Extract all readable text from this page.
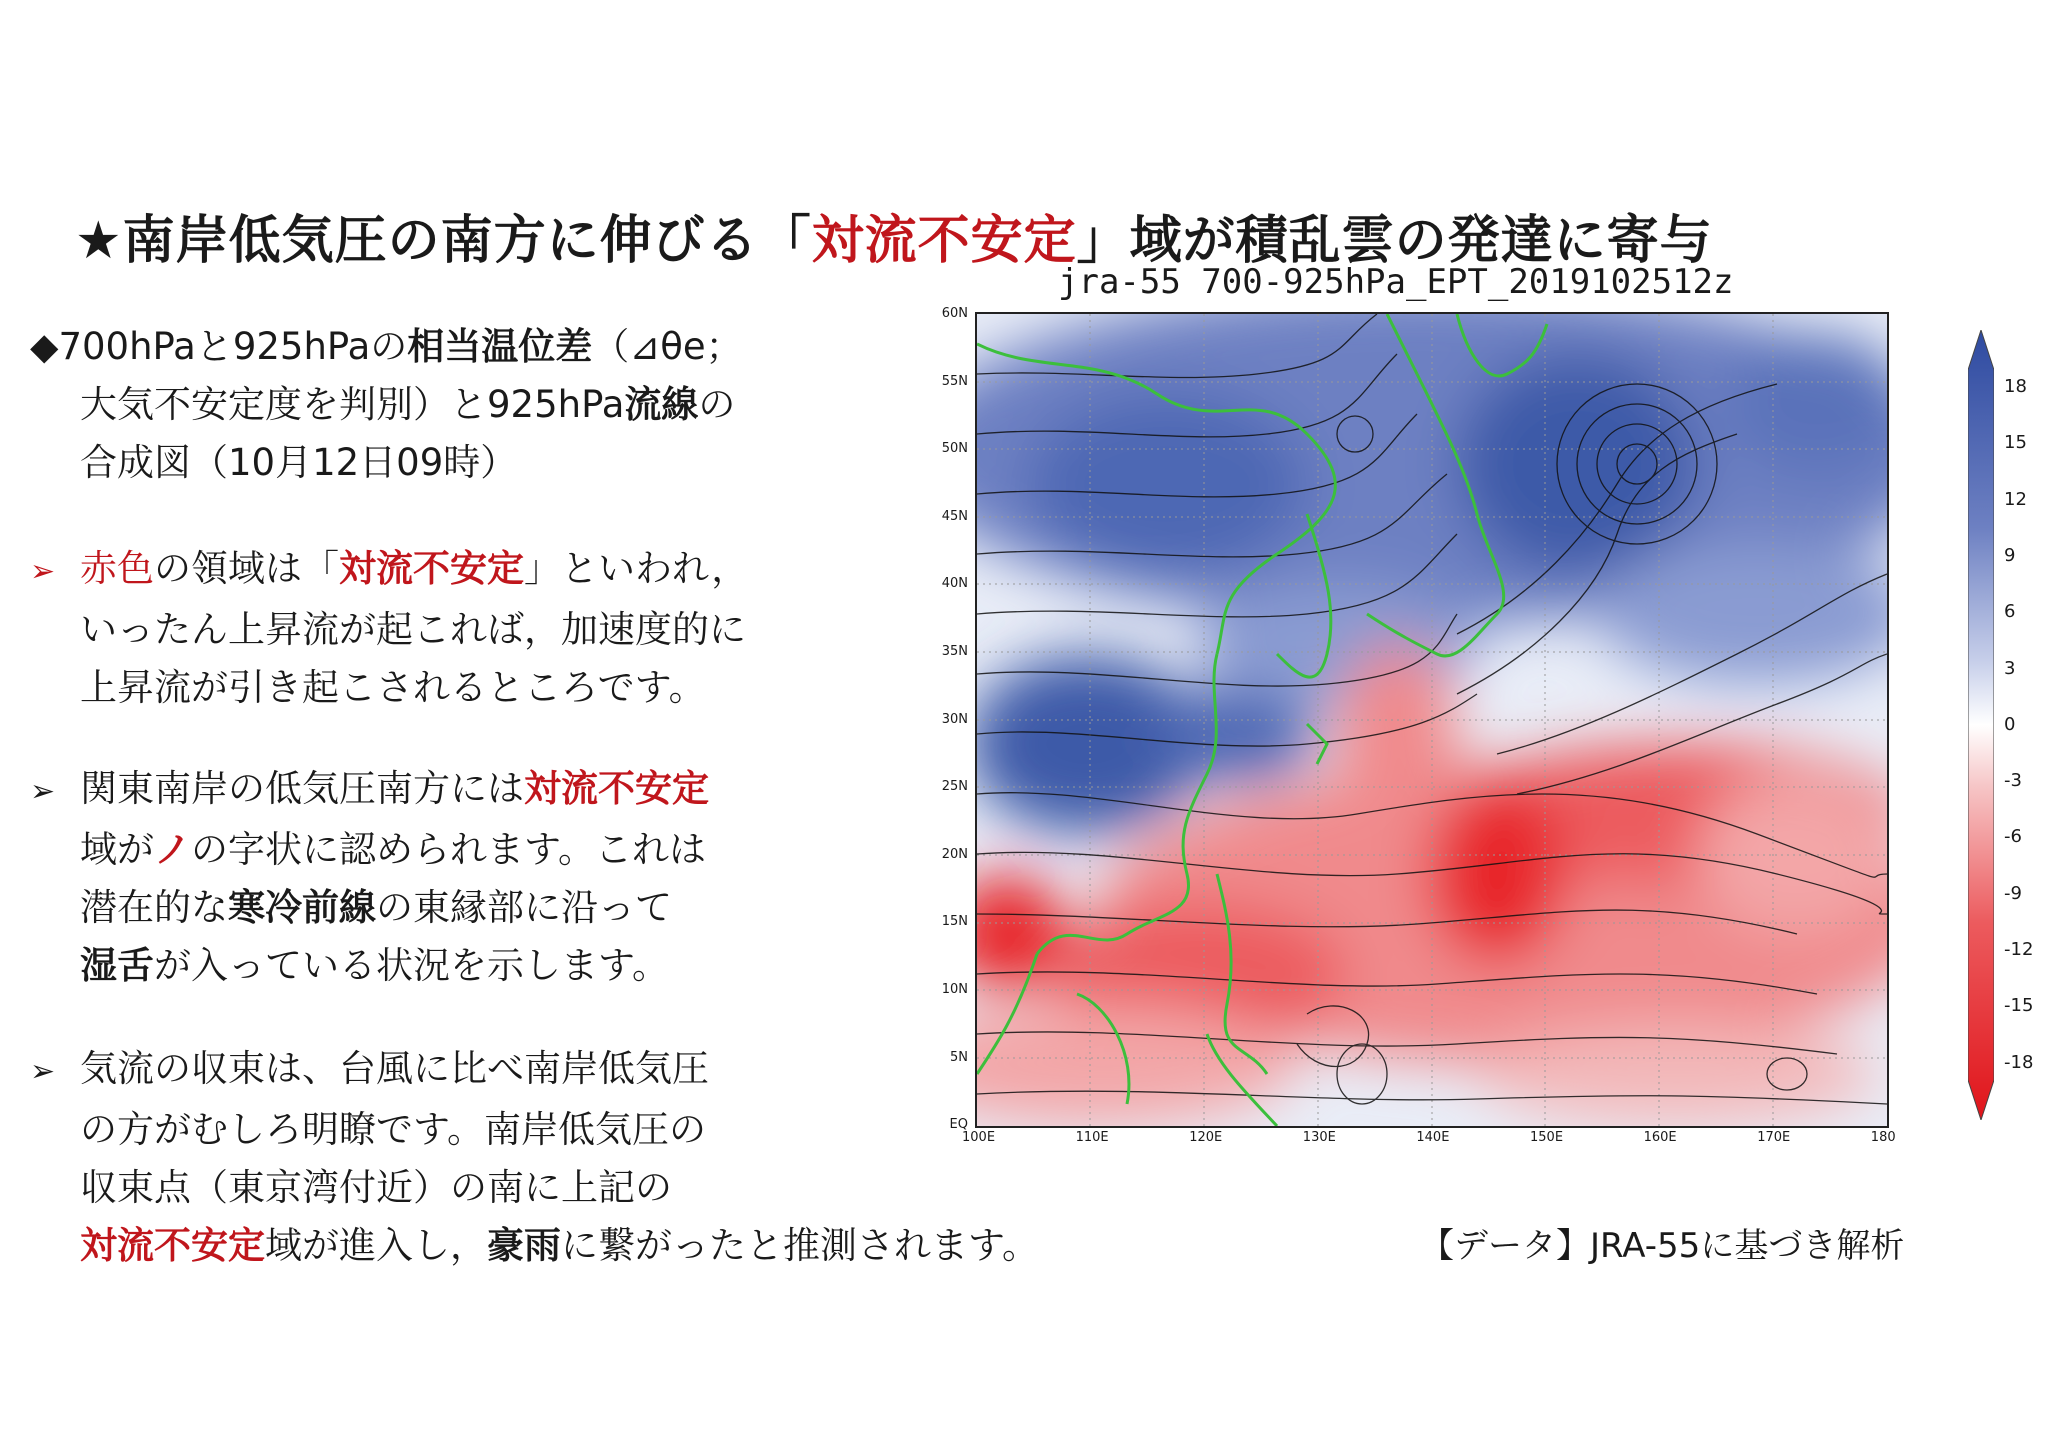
★南岸低気圧の南方に伸びる「対流不安定」域が積乱雲の発達に寄与
◆700hPaと925hPaの相当温位差（⊿θe；
大気不安定度を判別）と925hPa流線の
合成図（10月12日09時）
➢ 赤色の領域は「対流不安定」といわれ，
いったん上昇流が起これば，加速度的に
上昇流が引き起こされるところです。
➢ 関東南岸の低気圧南方には対流不安定
域がノの字状に認められます。これは
潜在的な寒冷前線の東縁部に沿って
湿舌が入っている状況を示します。
➢ 気流の収束は、台風に比べ南岸低気圧
の方がむしろ明瞭です。南岸低気圧の
収束点（東京湾付近）の南に上記の
対流不安定域が進入し，豪雨に繋がったと推測されます。
jra-55 700-925hPa_EPT_2019102512z
60N
55N
50N
45N
40N
35N
30N
25N
20N
15N
10N
5N
EQ
100E	110E	120E	130E	140E	150E	160E	170E	180
18
15
12
9
6
3
0
-3
-6
-9
-12
-15
-18
【データ】JRA-55に基づき解析
